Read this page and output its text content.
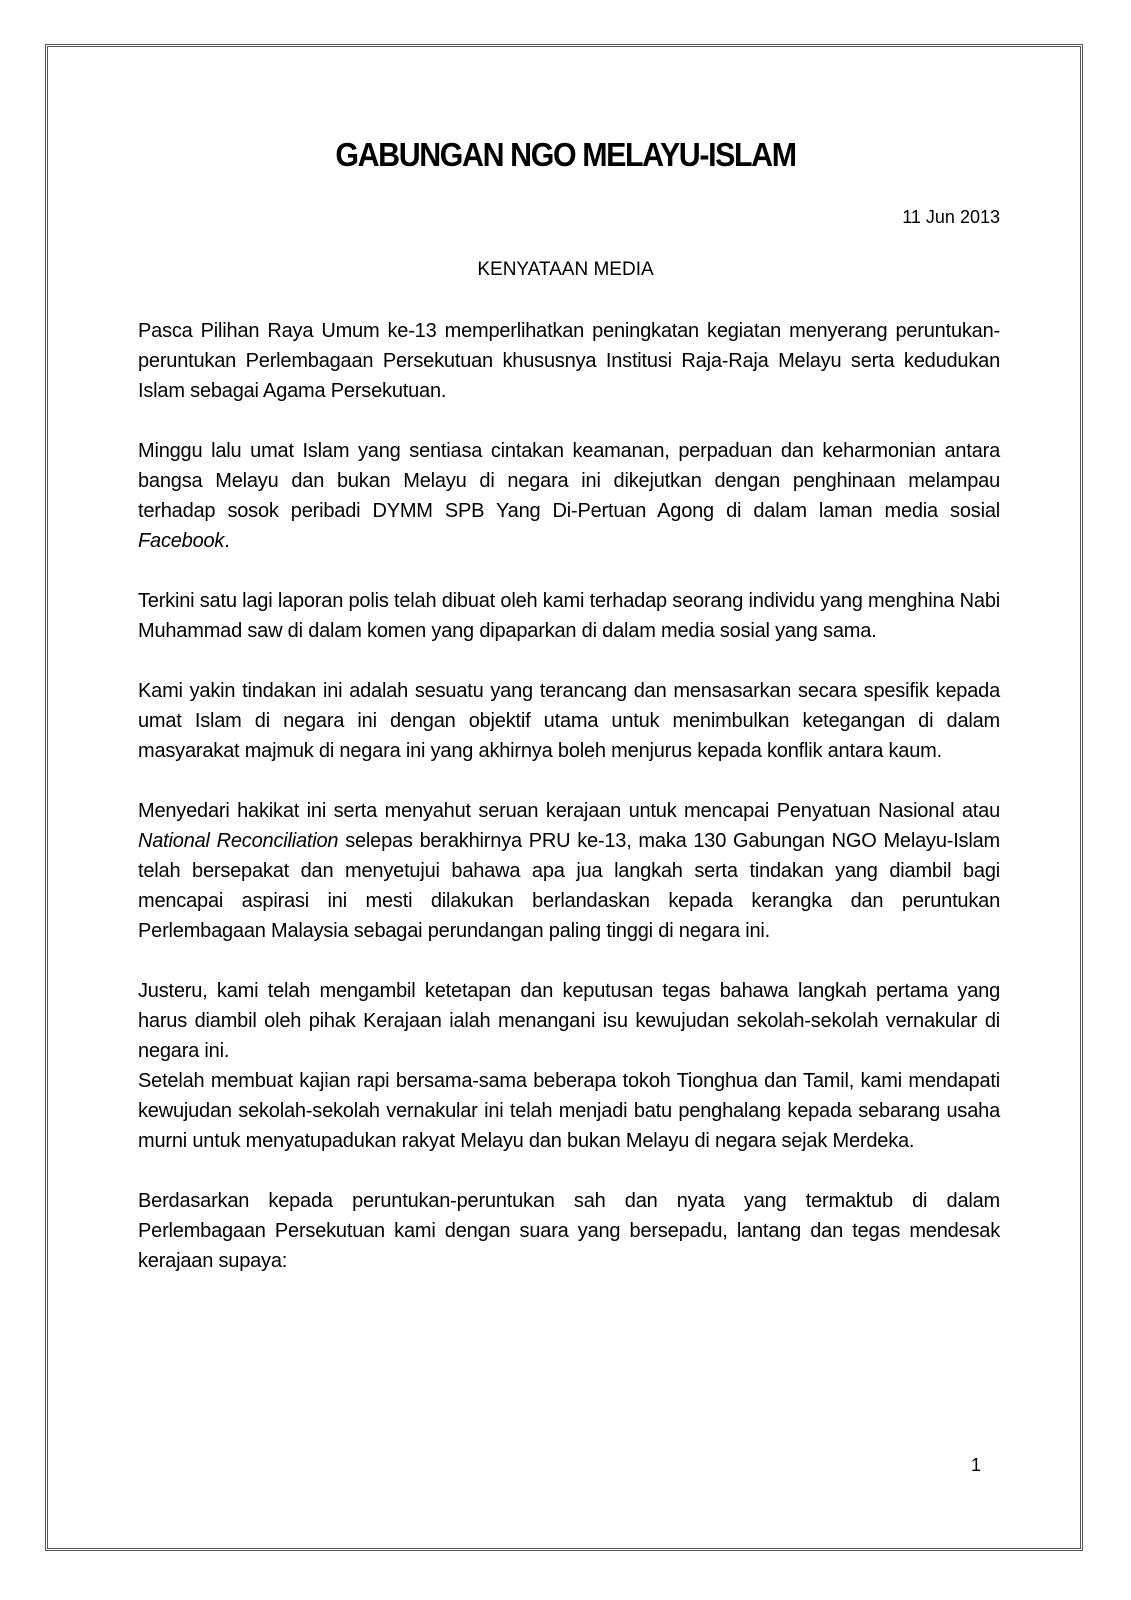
GABUNGAN NGO MELAYU-ISLAM
11 Jun 2013
KENYATAAN MEDIA

Pasca Pilihan Raya Umum ke-13 memperlihatkan peningkatan kegiatan menyerang peruntukan-peruntukan Perlembagaan Persekutuan khususnya Institusi Raja-Raja Melayu serta kedudukan Islam sebagai Agama Persekutuan.

Minggu lalu umat Islam yang sentiasa cintakan keamanan, perpaduan dan keharmonian antara bangsa Melayu dan bukan Melayu di negara ini dikejutkan dengan penghinaan melampau terhadap sosok peribadi DYMM SPB Yang Di-Pertuan Agong di dalam laman media sosial Facebook.

Terkini satu lagi laporan polis telah dibuat oleh kami terhadap seorang individu yang menghina Nabi Muhammad saw di dalam komen yang dipaparkan di dalam media sosial yang sama.

Kami yakin tindakan ini adalah sesuatu yang terancang dan mensasarkan secara spesifik kepada umat Islam di negara ini dengan objektif utama untuk menimbulkan ketegangan di dalam masyarakat majmuk di negara ini yang akhirnya boleh menjurus kepada konflik antara kaum.

Menyedari hakikat ini serta menyahut seruan kerajaan untuk mencapai Penyatuan Nasional atau National Reconciliation selepas berakhirnya PRU ke-13, maka 130 Gabungan NGO Melayu-Islam telah bersepakat dan menyetujui bahawa apa jua langkah serta tindakan yang diambil bagi mencapai aspirasi ini mesti dilakukan berlandaskan kepada kerangka dan peruntukan Perlembagaan Malaysia sebagai perundangan paling tinggi di negara ini.

Justeru, kami telah mengambil ketetapan dan keputusan tegas bahawa langkah pertama yang harus diambil oleh pihak Kerajaan ialah menangani isu kewujudan sekolah-sekolah vernakular di negara ini.

Setelah membuat kajian rapi bersama-sama beberapa tokoh Tionghua dan Tamil, kami mendapati kewujudan sekolah-sekolah vernakular ini telah menjadi batu penghalang kepada sebarang usaha murni untuk menyatupadukan rakyat Melayu dan bukan Melayu di negara sejak Merdeka.

Berdasarkan kepada peruntukan-peruntukan sah dan nyata yang termaktub di dalam Perlembagaan Persekutuan kami dengan suara yang bersepadu, lantang dan tegas mendesak kerajaan supaya:

1
